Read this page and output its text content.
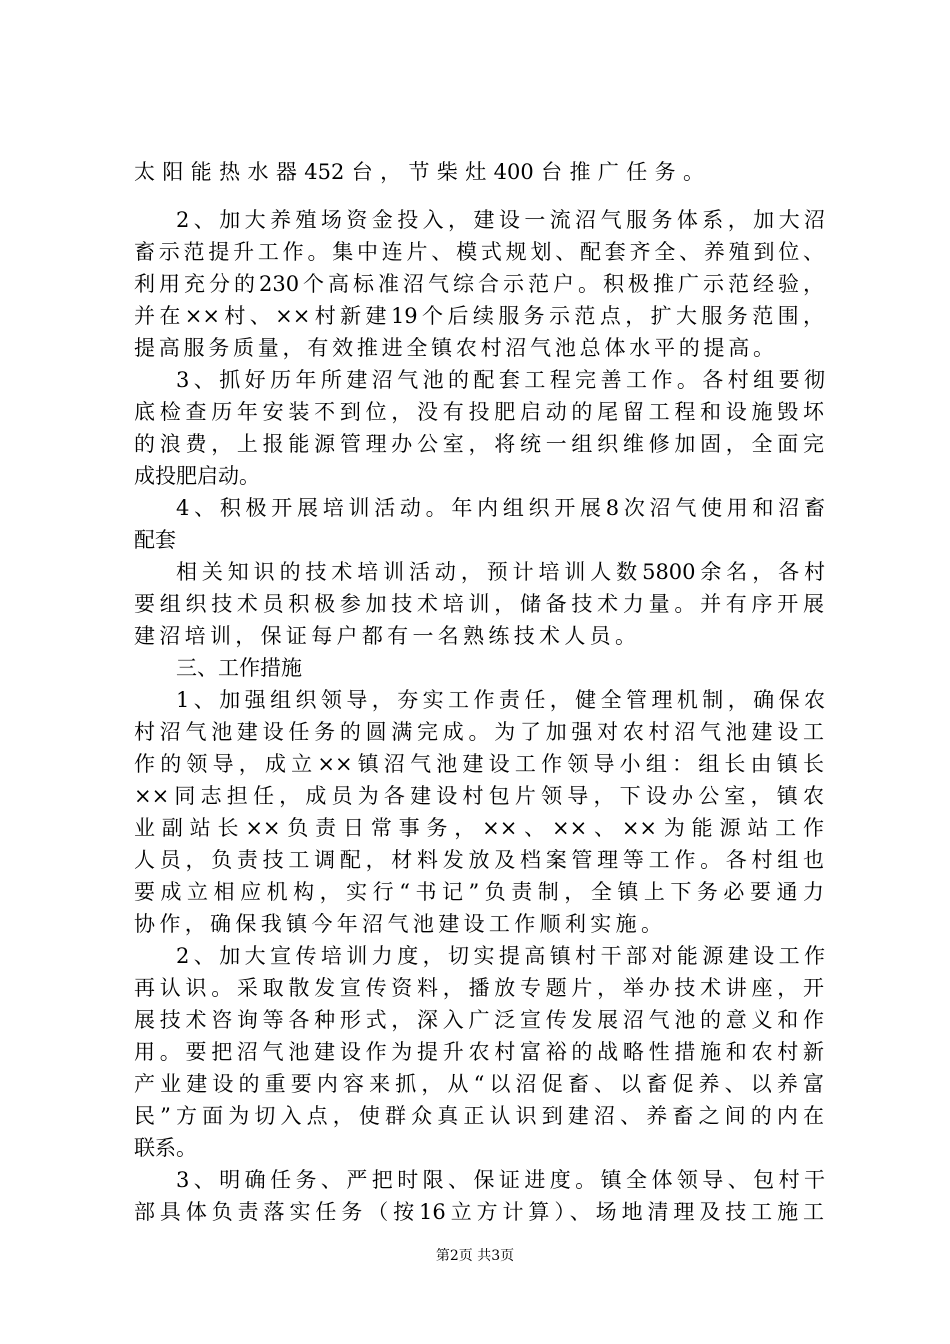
太阳能热水器452台，节柴灶400台推广任务。
2、加大养殖场资金投入，建设一流沼气服务体系，加大沼
畜示范提升工作。集中连片、模式规划、配套齐全、养殖到位、
利用充分的230个高标准沼气综合示范户。积极推广示范经验，
并在××村、××村新建19个后续服务示范点，扩大服务范围，
提高服务质量，有效推进全镇农村沼气池总体水平的提高。
3、抓好历年所建沼气池的配套工程完善工作。各村组要彻
底检查历年安装不到位，没有投肥启动的尾留工程和设施毁坏
的浪费，上报能源管理办公室，将统一组织维修加固，全面完
成投肥启动。
4、积极开展培训活动。年内组织开展8次沼气使用和沼畜
配套
相关知识的技术培训活动，预计培训人数5800余名，各村
要组织技术员积极参加技术培训，储备技术力量。并有序开展
建沼培训，保证每户都有一名熟练技术人员。
三、工作措施
1、加强组织领导，夯实工作责任，健全管理机制，确保农
村沼气池建设任务的圆满完成。为了加强对农村沼气池建设工
作的领导，成立××镇沼气池建设工作领导小组：组长由镇长
××同志担任，成员为各建设村包片领导，下设办公室，镇农
业副站长××负责日常事务，××、××、××为能源站工作
人员，负责技工调配，材料发放及档案管理等工作。各村组也
要成立相应机构，实行“书记”负责制，全镇上下务必要通力
协作，确保我镇今年沼气池建设工作顺利实施。
2、加大宣传培训力度，切实提高镇村干部对能源建设工作
再认识。采取散发宣传资料，播放专题片，举办技术讲座，开
展技术咨询等各种形式，深入广泛宣传发展沼气池的意义和作
用。要把沼气池建设作为提升农村富裕的战略性措施和农村新
产业建设的重要内容来抓，从“以沼促畜、以畜促养、以养富
民”方面为切入点，使群众真正认识到建沼、养畜之间的内在
联系。
3、明确任务、严把时限、保证进度。镇全体领导、包村干
部具体负责落实任务（按16立方计算）、场地清理及技工施工
第2页 共3页
